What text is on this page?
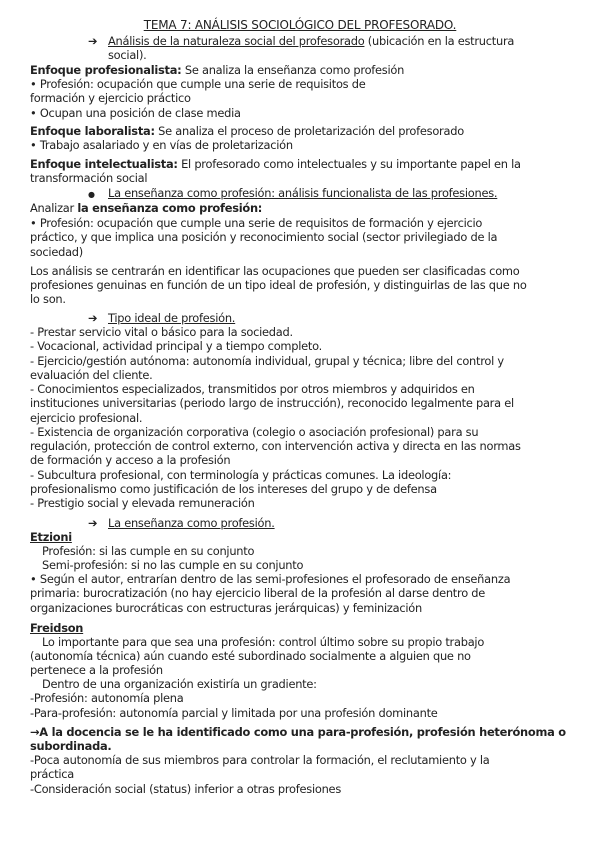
TEMA 7: ANÁLISIS SOCIOLÓGICO DEL PROFESORADO.
➔ Análisis de la naturaleza social del profesorado (ubicación en la estructura
social).
Enfoque profesionalista: Se analiza la enseñanza como profesión
• Profesión: ocupación que cumple una serie de requisitos de
formación y ejercicio práctico
• Ocupan una posición de clase media
Enfoque laboralista: Se analiza el proceso de proletarización del profesorado
• Trabajo asalariado y en vías de proletarización
Enfoque intelectualista: El profesorado como intelectuales y su importante papel en la
transformación social
● La enseñanza como profesión: análisis funcionalista de las profesiones.
Analizar la enseñanza como profesión:
• Profesión: ocupación que cumple una serie de requisitos de formación y ejercicio
práctico, y que implica una posición y reconocimiento social (sector privilegiado de la
sociedad)
Los análisis se centrarán en identificar las ocupaciones que pueden ser clasificadas como
profesiones genuinas en función de un tipo ideal de profesión, y distinguirlas de las que no
lo son.
➔ Tipo ideal de profesión.
- Prestar servicio vital o básico para la sociedad.
- Vocacional, actividad principal y a tiempo completo.
- Ejercicio/gestión autónoma: autonomía individual, grupal y técnica; libre del control y
evaluación del cliente.
- Conocimientos especializados, transmitidos por otros miembros y adquiridos en
instituciones universitarias (periodo largo de instrucción), reconocido legalmente para el
ejercicio profesional.
- Existencia de organización corporativa (colegio o asociación profesional) para su
regulación, protección de control externo, con intervención activa y directa en las normas
de formación y acceso a la profesión
- Subcultura profesional, con terminología y prácticas comunes. La ideología:
profesionalismo como justificación de los intereses del grupo y de defensa
- Prestigio social y elevada remuneración
➔ La enseñanza como profesión.
Etzioni
Profesión: si las cumple en su conjunto
Semi-profesión: si no las cumple en su conjunto
• Según el autor, entrarían dentro de las semi-profesiones el profesorado de enseñanza
primaria: burocratización (no hay ejercicio liberal de la profesión al darse dentro de
organizaciones burocráticas con estructuras jerárquicas) y feminización
Freidson
Lo importante para que sea una profesión: control último sobre su propio trabajo
(autonomía técnica) aún cuando esté subordinado socialmente a alguien que no
pertenece a la profesión
Dentro de una organización existiría un gradiente:
-Profesión: autonomía plena
-Para-profesión: autonomía parcial y limitada por una profesión dominante
→A la docencia se le ha identificado como una para-profesión, profesión heterónoma o
subordinada.
-Poca autonomía de sus miembros para controlar la formación, el reclutamiento y la
práctica
-Consideración social (status) inferior a otras profesiones
